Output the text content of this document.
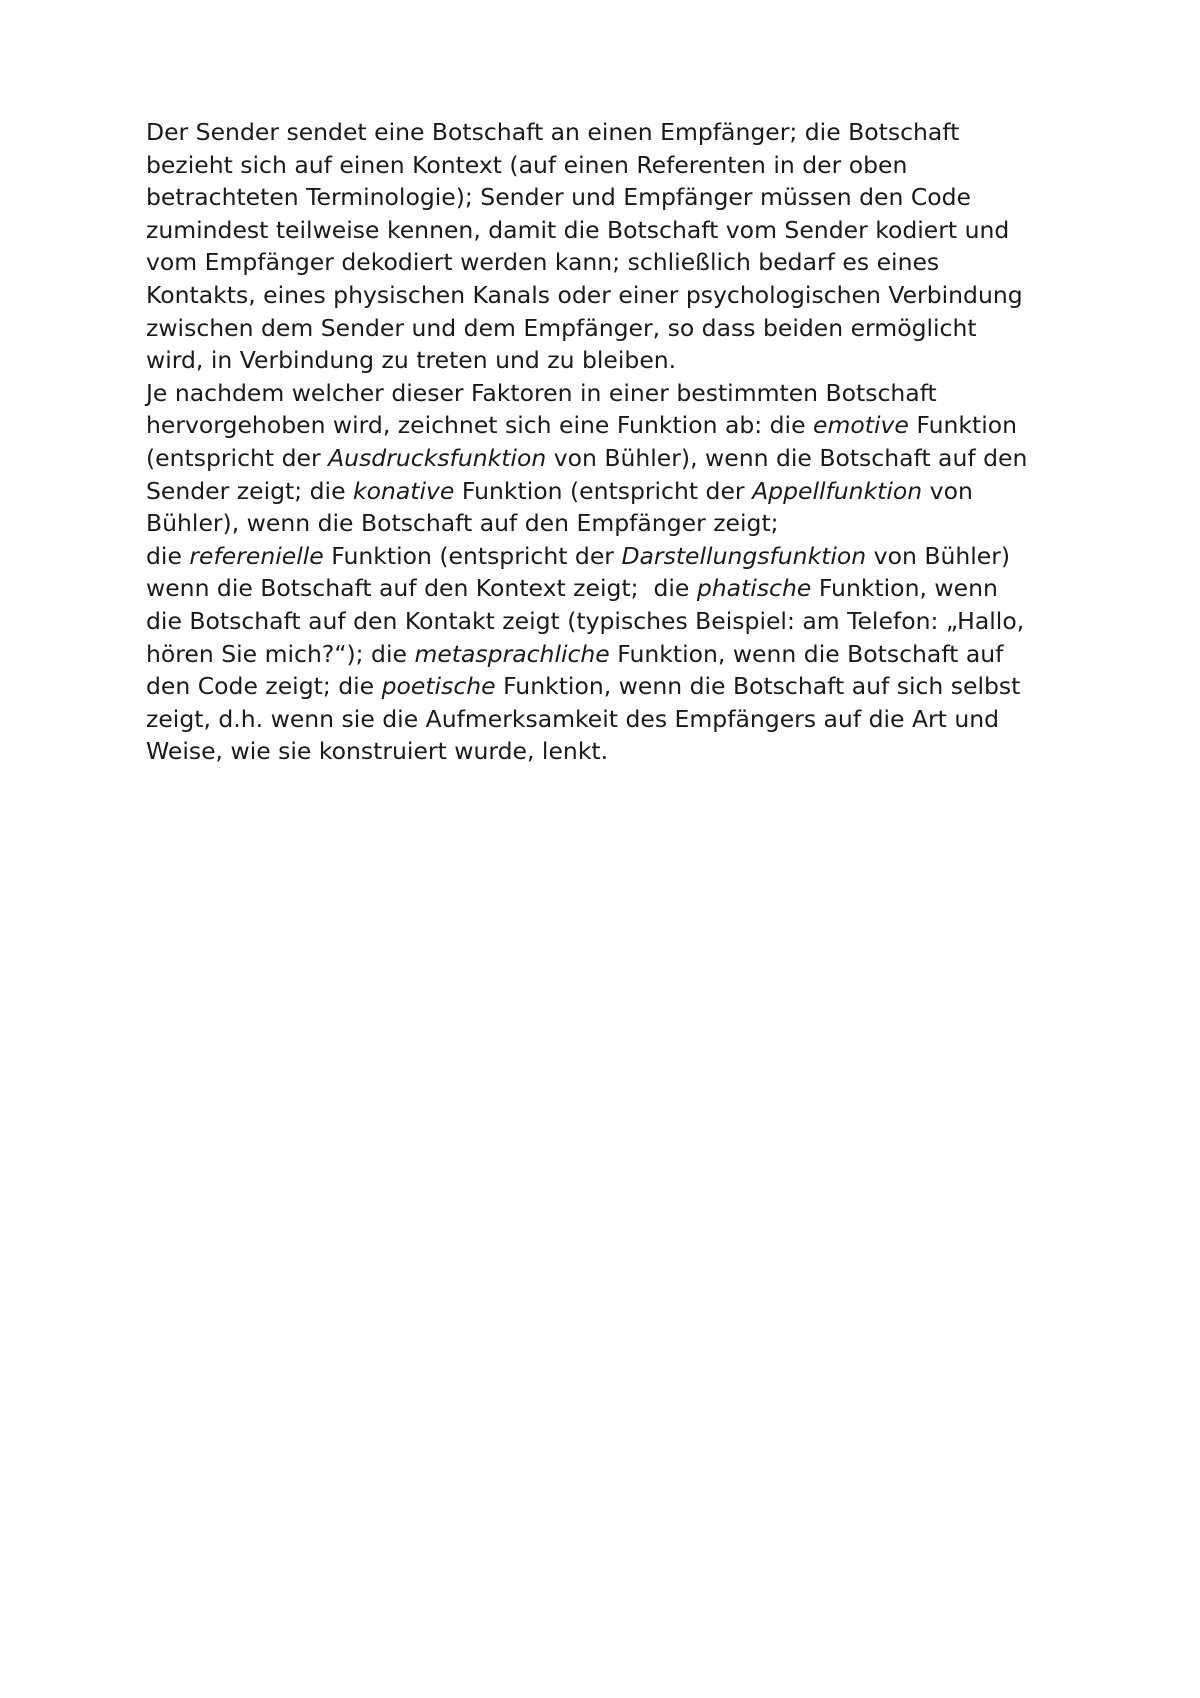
Der Sender sendet eine Botschaft an einen Empfänger; die Botschaft
bezieht sich auf einen Kontext (auf einen Referenten in der oben
betrachteten Terminologie); Sender und Empfänger müssen den Code
zumindest teilweise kennen, damit die Botschaft vom Sender kodiert und
vom Empfänger dekodiert werden kann; schließlich bedarf es eines
Kontakts, eines physischen Kanals oder einer psychologischen Verbindung
zwischen dem Sender und dem Empfänger, so dass beiden ermöglicht
wird, in Verbindung zu treten und zu bleiben.
Je nachdem welcher dieser Faktoren in einer bestimmten Botschaft
hervorgehoben wird, zeichnet sich eine Funktion ab: die emotive Funktion
(entspricht der Ausdrucksfunktion von Bühler), wenn die Botschaft auf den
Sender zeigt; die konative Funktion (entspricht der Appellfunktion von
Bühler), wenn die Botschaft auf den Empfänger zeigt;
die referenielle Funktion (entspricht der Darstellungsfunktion von Bühler)
wenn die Botschaft auf den Kontext zeigt;  die phatische Funktion, wenn
die Botschaft auf den Kontakt zeigt (typisches Beispiel: am Telefon: „Hallo,
hören Sie mich?“); die metasprachliche Funktion, wenn die Botschaft auf
den Code zeigt; die poetische Funktion, wenn die Botschaft auf sich selbst
zeigt, d.h. wenn sie die Aufmerksamkeit des Empfängers auf die Art und
Weise, wie sie konstruiert wurde, lenkt.
